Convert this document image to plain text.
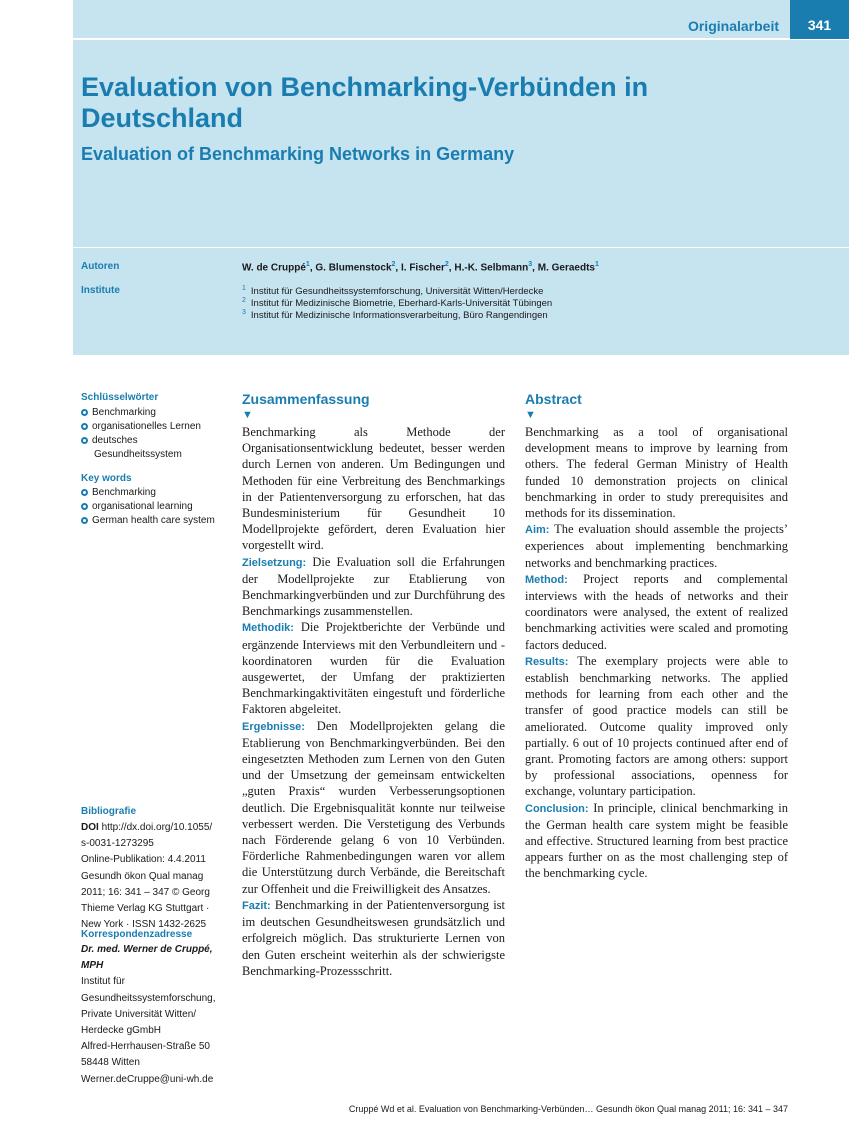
Originalarbeit	341
Evaluation von Benchmarking-Verbünden in Deutschland
Evaluation of Benchmarking Networks in Germany
Autoren	W. de Cruppé$^1$, G. Blumenstock$^2$, I. Fischer$^2$, H.-K. Selbmann$^3$, M. Geraedts$^1$
Institute	$^1$ Institut für Gesundheitssystemforschung, Universität Witten/Herdecke
$^2$ Institut für Medizinische Biometrie, Eberhard-Karls-Universität Tübingen
$^3$ Institut für Medizinische Informationsverarbeitung, Büro Rangendingen
Schlüsselwörter
Benchmarking
organisationelles Lernen
deutsches
Gesundheitssystem
Key words
Benchmarking
organisational learning
German health care system
Bibliografie
DOI http://dx.doi.org/10.1055/
s-0031-1273295
Online-Publikation: 4.4.2011
Gesundh ökon Qual manag
2011; 16: 341 – 347 © Georg
Thieme Verlag KG Stuttgart ·
New York · ISSN 1432-2625
Korrespondenzadresse
Dr. med. Werner de Cruppé,
MPH
Institut für
Gesundheitssystemforschung,
Private Universität Witten/
Herdecke gGmbH
Alfred-Herrhausen-Straße 50
58448 Witten
Werner.deCruppe@uni-wh.de
Zusammenfassung
▼

Benchmarking als Methode der Organisationsentwicklung bedeutet, besser werden durch Lernen von anderen. Um Bedingungen und Methoden für eine Verbreitung des Benchmarkings in der Patientenversorgung zu erforschen, hat das Bundesministerium für Gesundheit 10 Modellprojekte gefördert, deren Evaluation hier vorgestellt wird.

Zielsetzung: Die Evaluation soll die Erfahrungen der Modellprojekte zur Etablierung von Benchmarkingverbünden und zur Durchführung des Benchmarkings zusammenstellen.

Methodik: Die Projektberichte der Verbünde und ergänzende Interviews mit den Verbundleitern und -koordinatoren wurden für die Evaluation ausgewertet, der Umfang der praktizierten Benchmarkingaktivitäten eingestuft und förderliche Faktoren abgeleitet.

Ergebnisse: Den Modellprojekten gelang die Etablierung von Benchmarkingverbünden. Bei den eingesetzten Methoden zum Lernen von den Guten und der Umsetzung der gemeinsam entwickelten „guten Praxis“ wurden Verbesserungsoptionen deutlich. Die Ergebnisqualität konnte nur teilweise verbessert werden. Die Verstetigung des Verbunds nach Förderende gelang 6 von 10 Verbünden. Förderliche Rahmenbedingungen waren vor allem die Unterstützung durch Verbände, die Bereitschaft zur Offenheit und die Freiwilligkeit des Ansatzes.

Fazit: Benchmarking in der Patientenversorgung ist im deutschen Gesundheitswesen grundsätzlich und erfolgreich möglich. Das strukturierte Lernen von den Guten erscheint weiterhin als der schwierigste Benchmarking-Prozessschritt.

Abstract
▼

Benchmarking as a tool of organisational development means to improve by learning from others. The federal German Ministry of Health funded 10 demonstration projects on clinical benchmarking in order to study prerequisites and methods for its dissemination.

Aim: The evaluation should assemble the projects’ experiences about implementing benchmarking networks and benchmarking practices.

Method: Project reports and complemental interviews with the heads of networks and their coordinators were analysed, the extent of realized benchmarking activities were scaled and promoting factors deduced.

Results: The exemplary projects were able to establish benchmarking networks. The applied methods for learning from each other and the transfer of good practice models can still be ameliorated. Outcome quality improved only partially. 6 out of 10 projects continued after end of grant. Promoting factors are among others: support by professional associations, openness for exchange, voluntary participation.

Conclusion: In principle, clinical benchmarking in the German health care system might be feasible and effective. Structured learning from best practice appears further on as the most challenging step of the benchmarking cycle.

Cruppé Wd et al. Evaluation von Benchmarking-Verbünden… Gesundh ökon Qual manag 2011; 16: 341 – 347
